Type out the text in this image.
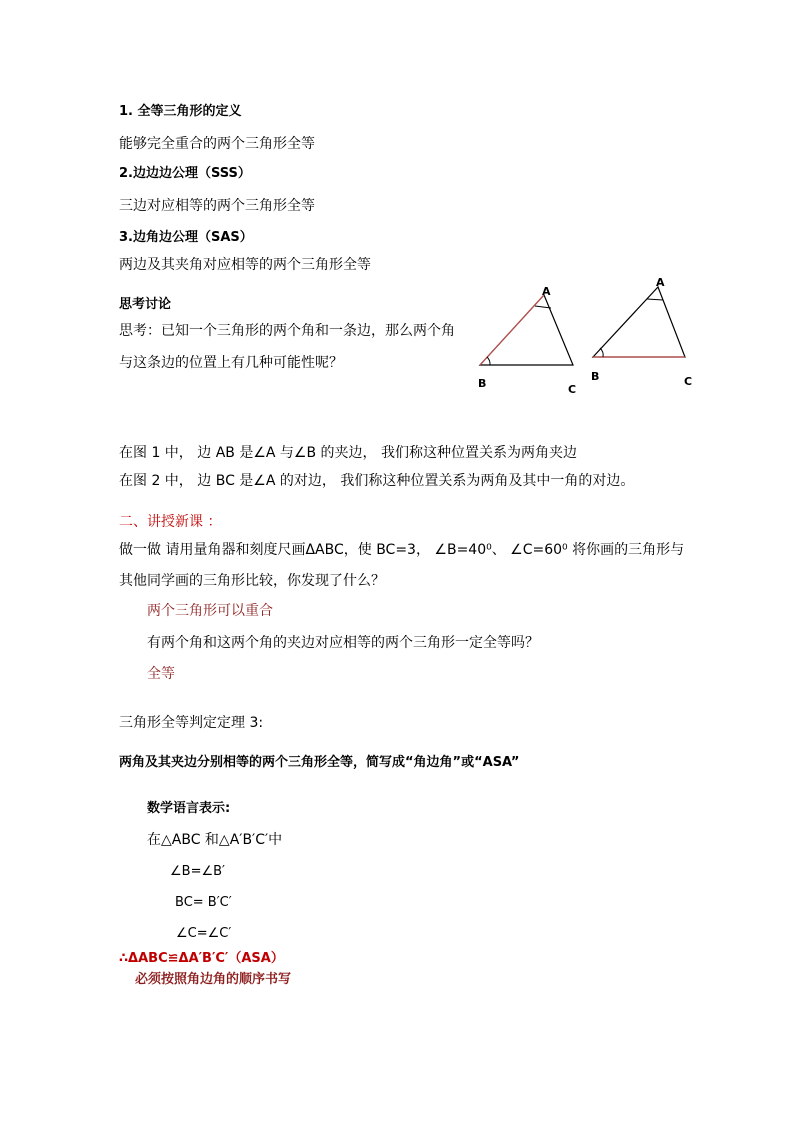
1. 全等三角形的定义
能够完全重合的两个三角形全等
2.边边边公理（SSS）
三边对应相等的两个三角形全等
3.边角边公理（SAS）
两边及其夹角对应相等的两个三角形全等
思考讨论
思考：已知一个三角形的两个角和一条边，那么两个角
与这条边的位置上有几种可能性呢？
A
B	C
A
B	C
在图 1 中， 边 AB 是∠A 与∠B 的夹边， 我们称这种位置关系为两角夹边
在图 2 中， 边 BC 是∠A 的对边， 我们称这种位置关系为两角及其中一角的对边。
二、讲授新课 ：
做一做 请用量角器和刻度尺画ΔABC，使 BC=3， ∠B=40⁰、 ∠C=60⁰ 将你画的三角形与
其他同学画的三角形比较，你发现了什么？
两个三角形可以重合
有两个角和这两个角的夹边对应相等的两个三角形一定全等吗？
全等
三角形全等判定定理 3:
两角及其夹边分别相等的两个三角形全等，简写成“角边角”或“ASA”
数学语言表示:
在△ABC 和△A′B′C′中
∠B=∠B′
BC= B′C′
∠C=∠C′
∴ΔABC≌ΔA′B′C′（ASA）
必须按照角边角的顺序书写
